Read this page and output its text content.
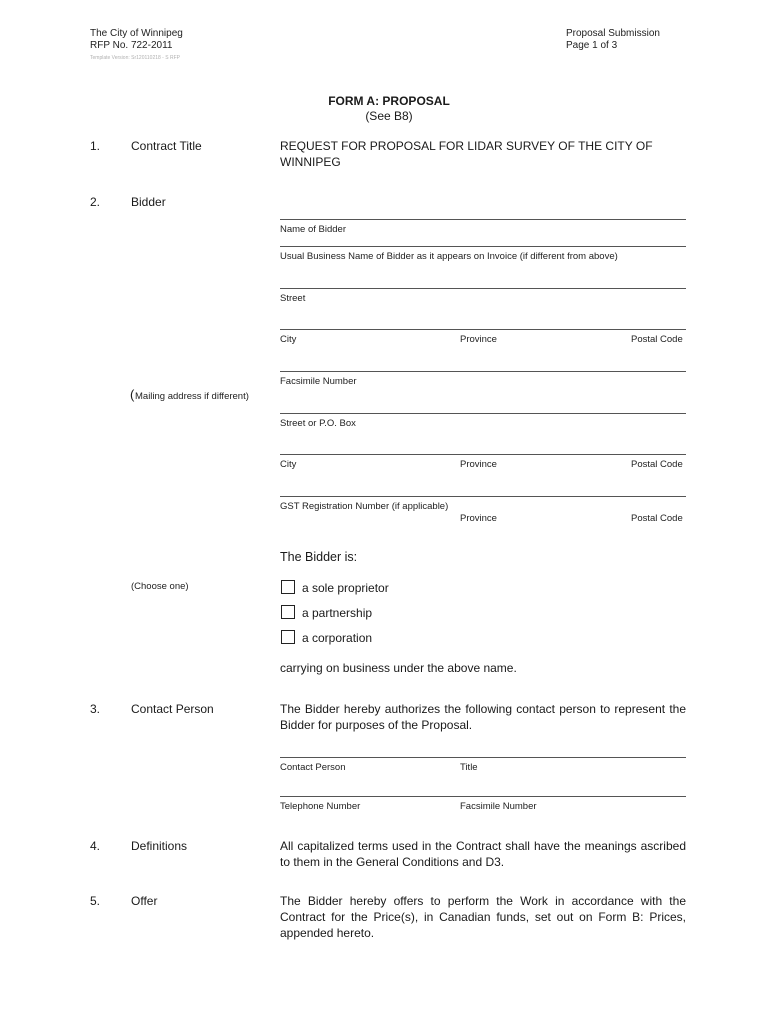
The City of Winnipeg
RFP No. 722-2011
Template Version: Sr120110218 - S RFP
Proposal Submission
Page 1 of 3
FORM A: PROPOSAL
(See B8)
1.	Contract Title	REQUEST FOR PROPOSAL FOR LIDAR SURVEY OF THE CITY OF WINNIPEG
2.	Bidder
Name of Bidder
Usual Business Name of Bidder as it appears on Invoice (if different from above)
Street
City	Province	Postal Code
Facsimile Number
( Mailing address if different)
Street or P.O. Box
City	Province	Postal Code
GST Registration Number (if applicable)
Province	Postal Code
The Bidder is:
(Choose one)	a sole proprietor
a partnership
a corporation
carrying on business under the above name.
3.	Contact Person	The Bidder hereby authorizes the following contact person to represent the Bidder for purposes of the Proposal.
Contact Person	Title
Telephone Number	Facsimile Number
4.	Definitions	All capitalized terms used in the Contract shall have the meanings ascribed to them in the General Conditions and D3.
5.	Offer	The Bidder hereby offers to perform the Work in accordance with the Contract for the Price(s), in Canadian funds, set out on Form B: Prices, appended hereto.
